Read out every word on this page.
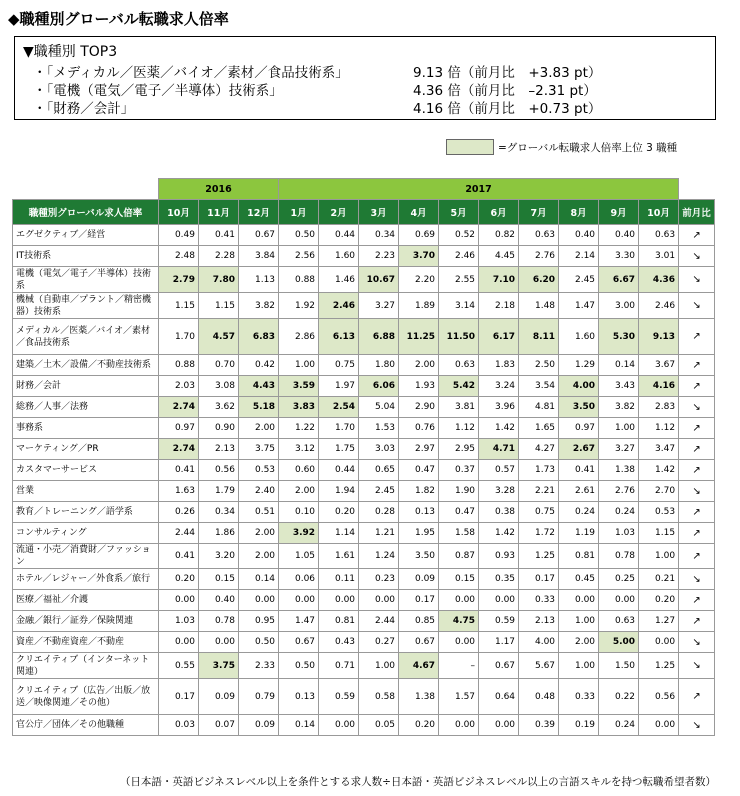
◆職種別グローバル転職求人倍率
▼職種別 TOP3
・「メディカル／医薬／バイオ／素材／食品技術系」	9.13 倍（前月比　+3.83 pt）
・「電機（電気／電子／半導体）技術系」	4.36 倍（前月比　–2.31 pt）
・「財務／会計」	4.16 倍（前月比　+0.73 pt）
=グローバル転職求人倍率上位 3 職種
	2016			2017										
職種別グローバル求人倍率	10月	11月	12月	1月	2月	3月	4月	5月	6月	7月	8月	9月	10月	前月比
エグゼクティブ／経営	0.49	0.41	0.67	0.50	0.44	0.34	0.69	0.52	0.82	0.63	0.40	0.40	0.63	↗
IT技術系	2.48	2.28	3.84	2.56	1.60	2.23	3.70	2.46	4.45	2.76	2.14	3.30	3.01	↘
電機（電気／電子／半導体）技術系	2.79	7.80	1.13	0.88	1.46	10.67	2.20	2.55	7.10	6.20	2.45	6.67	4.36	↘
機械（自動車／プラント／精密機器）技術系	1.15	1.15	3.82	1.92	2.46	3.27	1.89	3.14	2.18	1.48	1.47	3.00	2.46	↘
メディカル／医薬／バイオ／素材／食品技術系	1.70	4.57	6.83	2.86	6.13	6.88	11.25	11.50	6.17	8.11	1.60	5.30	9.13	↗
建築／土木／設備／不動産技術系	0.88	0.70	0.42	1.00	0.75	1.80	2.00	0.63	1.83	2.50	1.29	0.14	3.67	↗
財務／会計	2.03	3.08	4.43	3.59	1.97	6.06	1.93	5.42	3.24	3.54	4.00	3.43	4.16	↗
総務／人事／法務	2.74	3.62	5.18	3.83	2.54	5.04	2.90	3.81	3.96	4.81	3.50	3.82	2.83	↘
事務系	0.97	0.90	2.00	1.22	1.70	1.53	0.76	1.12	1.42	1.65	0.97	1.00	1.12	↗
マーケティング／PR	2.74	2.13	3.75	3.12	1.75	3.03	2.97	2.95	4.71	4.27	2.67	3.27	3.47	↗
カスタマーサービス	0.41	0.56	0.53	0.60	0.44	0.65	0.47	0.37	0.57	1.73	0.41	1.38	1.42	↗
営業	1.63	1.79	2.40	2.00	1.94	2.45	1.82	1.90	3.28	2.21	2.61	2.76	2.70	↘
教育／トレーニング／語学系	0.26	0.34	0.51	0.10	0.20	0.28	0.13	0.47	0.38	0.75	0.24	0.24	0.53	↗
コンサルティング	2.44	1.86	2.00	3.92	1.14	1.21	1.95	1.58	1.42	1.72	1.19	1.03	1.15	↗
流通・小売／消費財／ファッション	0.41	3.20	2.00	1.05	1.61	1.24	3.50	0.87	0.93	1.25	0.81	0.78	1.00	↗
ホテル／レジャー／外食系／旅行	0.20	0.15	0.14	0.06	0.11	0.23	0.09	0.15	0.35	0.17	0.45	0.25	0.21	↘
医療／福祉／介護	0.00	0.40	0.00	0.00	0.00	0.00	0.17	0.00	0.00	0.33	0.00	0.00	0.20	↗
金融／銀行／証券／保険関連	1.03	0.78	0.95	1.47	0.81	2.44	0.85	4.75	0.59	2.13	1.00	0.63	1.27	↗
資産／不動産資産／不動産	0.00	0.00	0.50	0.67	0.43	0.27	0.67	0.00	1.17	4.00	2.00	5.00	0.00	↘
クリエイティブ（インターネット関連）	0.55	3.75	2.33	0.50	0.71	1.00	4.67	–	0.67	5.67	1.00	1.50	1.25	↘
クリエイティブ（広告／出版／放送／映像関連／その他）	0.17	0.09	0.79	0.13	0.59	0.58	1.38	1.57	0.64	0.48	0.33	0.22	0.56	↗
官公庁／団体／その他職種	0.03	0.07	0.09	0.14	0.00	0.05	0.20	0.00	0.00	0.39	0.19	0.24	0.00	↘
（日本語・英語ビジネスレベル以上を条件とする求人数÷日本語・英語ビジネスレベル以上の言語スキルを持つ転職希望者数）
